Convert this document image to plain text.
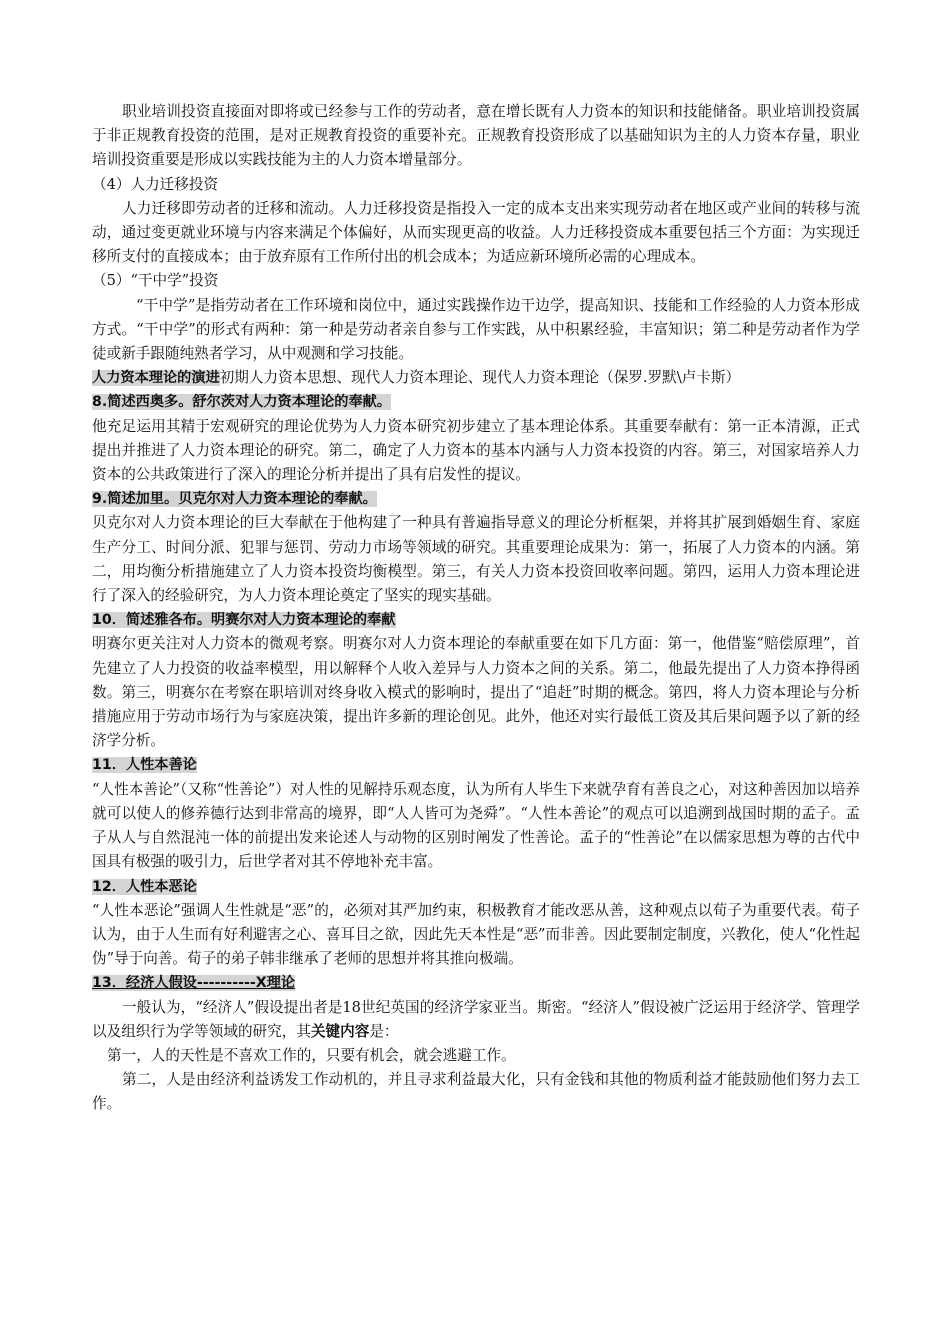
职业培训投资直接面对即将或已经参与工作的劳动者，意在增长既有人力资本的知识和技能储备。职业培训投资属于非正规教育投资的范围，是对正规教育投资的重要补充。正规教育投资形成了以基础知识为主的人力资本存量，职业培训投资重要是形成以实践技能为主的人力资本增量部分。

（4）人力迁移投资

人力迁移即劳动者的迁移和流动。人力迁移投资是指投入一定的成本支出来实现劳动者在地区或产业间的转移与流动，通过变更就业环境与内容来满足个体偏好，从而实现更高的收益。人力迁移投资成本重要包括三个方面：为实现迁移所支付的直接成本；由于放弃原有工作所付出的机会成本；为适应新环境所必需的心理成本。

（5）“干中学”投资

“干中学”是指劳动者在工作环境和岗位中，通过实践操作边干边学，提高知识、技能和工作经验的人力资本形成方式。“干中学”的形式有两种：第一种是劳动者亲自参与工作实践，从中积累经验，丰富知识；第二种是劳动者作为学徒或新手跟随纯熟者学习，从中观测和学习技能。

人力资本理论的演进初期人力资本思想、现代人力资本理论、现代人力资本理论（保罗.罗默\卢卡斯）

8.简述西奥多。舒尔茨对人力资本理论的奉献。

他充足运用其精于宏观研究的理论优势为人力资本研究初步建立了基本理论体系。其重要奉献有：第一正本清源，正式提出并推进了人力资本理论的研究。第二，确定了人力资本的基本内涵与人力资本投资的内容。第三，对国家培养人力资本的公共政策进行了深入的理论分析并提出了具有启发性的提议。

9.简述加里。贝克尔对人力资本理论的奉献。

贝克尔对人力资本理论的巨大奉献在于他构建了一种具有普遍指导意义的理论分析框架，并将其扩展到婚姻生育、家庭生产分工、时间分派、犯罪与惩罚、劳动力市场等领域的研究。其重要理论成果为：第一，拓展了人力资本的内涵。第二，用均衡分析措施建立了人力资本投资均衡模型。第三，有关人力资本投资回收率问题。第四，运用人力资本理论进行了深入的经验研究，为人力资本理论奠定了坚实的现实基础。

10．简述雅各布。明赛尔对人力资本理论的奉献

明赛尔更关注对人力资本的微观考察。明赛尔对人力资本理论的奉献重要在如下几方面：第一，他借鉴“赔偿原理”，首先建立了人力投资的收益率模型，用以解释个人收入差异与人力资本之间的关系。第二，他最先提出了人力资本挣得函数。第三，明赛尔在考察在职培训对终身收入模式的影响时，提出了“追赶”时期的概念。第四，将人力资本理论与分析措施应用于劳动市场行为与家庭决策，提出许多新的理论创见。此外，他还对实行最低工资及其后果问题予以了新的经济学分析。

11．人性本善论

“人性本善论”（又称“性善论”）对人性的见解持乐观态度，认为所有人毕生下来就孕育有善良之心，对这种善因加以培养就可以使人的修养德行达到非常高的境界，即“人人皆可为尧舜”。“人性本善论”的观点可以追溯到战国时期的孟子。孟子从人与自然混沌一体的前提出发来论述人与动物的区别时阐发了性善论。孟子的“性善论”在以儒家思想为尊的古代中国具有极强的吸引力，后世学者对其不停地补充丰富。

12．人性本恶论

“人性本恶论”强调人生性就是“恶”的，必须对其严加约束，积极教育才能改恶从善，这种观点以荀子为重要代表。荀子认为，由于人生而有好利避害之心、喜耳目之欲，因此先天本性是“恶”而非善。因此要制定制度，兴教化，使人“化性起伪”导于向善。荀子的弟子韩非继承了老师的思想并将其推向极端。

13．经济人假设----------X理论

一般认为，“经济人”假设提出者是18世纪英国的经济学家亚当。斯密。“经济人”假设被广泛运用于经济学、管理学以及组织行为学等领域的研究，其关键内容是：

第一，人的天性是不喜欢工作的，只要有机会，就会逃避工作。

第二，人是由经济利益诱发工作动机的，并且寻求利益最大化，只有金钱和其他的物质利益才能鼓励他们努力去工作。
